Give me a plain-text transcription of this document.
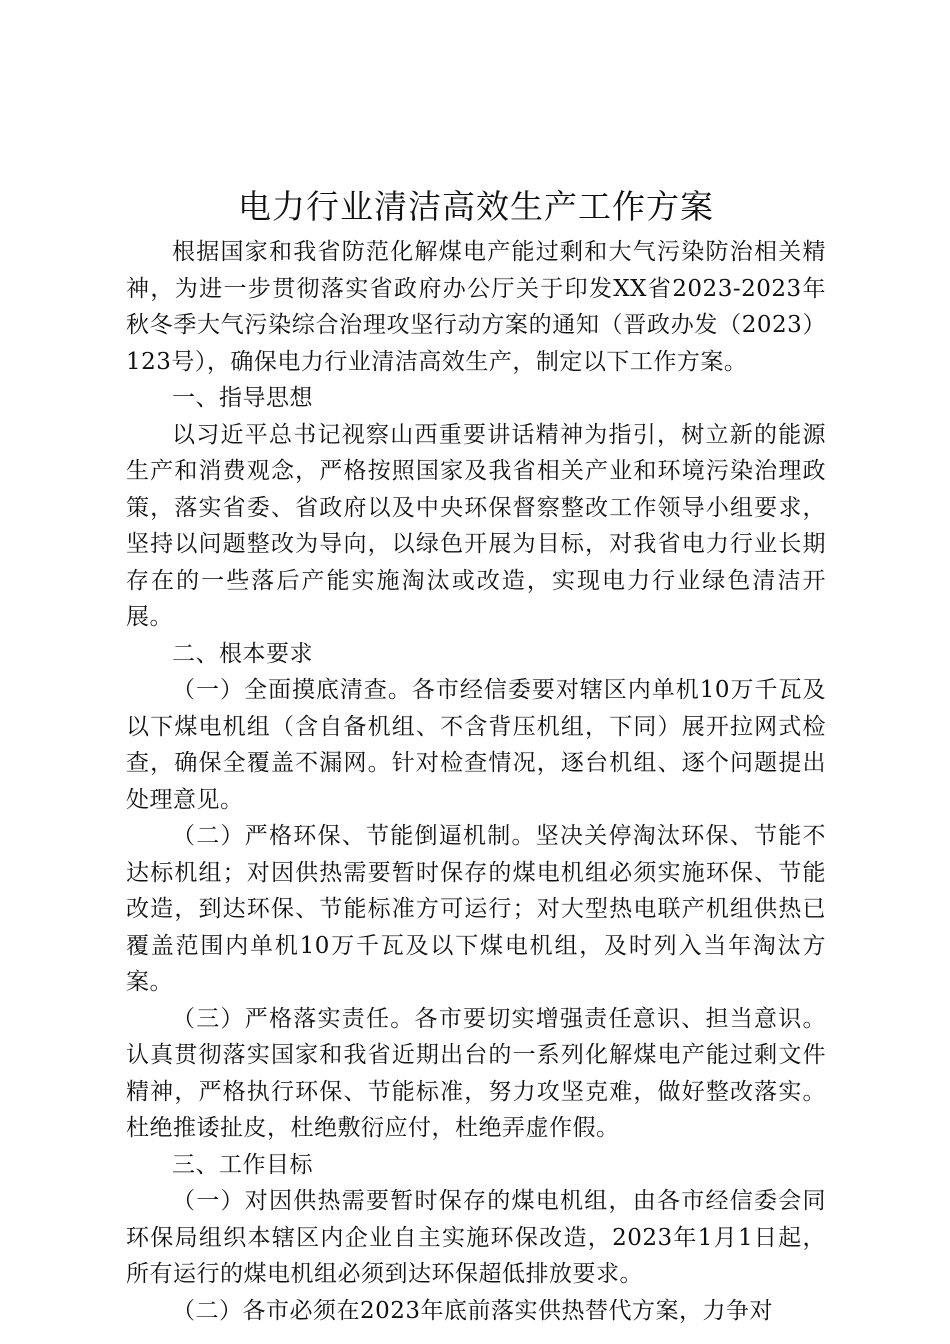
电力行业清洁高效生产工作方案

根据国家和我省防范化解煤电产能过剩和大气污染防治相关精神，为进一步贯彻落实省政府办公厅关于印发XX省2023-2023年秋冬季大气污染综合治理攻坚行动方案的通知（晋政办发（2023）123号），确保电力行业清洁高效生产，制定以下工作方案。

一、指导思想

以习近平总书记视察山西重要讲话精神为指引，树立新的能源生产和消费观念，严格按照国家及我省相关产业和环境污染治理政策，落实省委、省政府以及中央环保督察整改工作领导小组要求，坚持以问题整改为导向，以绿色开展为目标，对我省电力行业长期存在的一些落后产能实施淘汰或改造，实现电力行业绿色清洁开展。

二、根本要求

（一）全面摸底清查。各市经信委要对辖区内单机10万千瓦及以下煤电机组（含自备机组、不含背压机组，下同）展开拉网式检查，确保全覆盖不漏网。针对检查情况，逐台机组、逐个问题提出处理意见。

（二）严格环保、节能倒逼机制。坚决关停淘汰环保、节能不达标机组；对因供热需要暂时保存的煤电机组必须实施环保、节能改造，到达环保、节能标准方可运行；对大型热电联产机组供热已覆盖范围内单机10万千瓦及以下煤电机组，及时列入当年淘汰方案。

（三）严格落实责任。各市要切实增强责任意识、担当意识。认真贯彻落实国家和我省近期出台的一系列化解煤电产能过剩文件精神，严格执行环保、节能标准，努力攻坚克难，做好整改落实。杜绝推诿扯皮，杜绝敷衍应付，杜绝弄虚作假。

三、工作目标

（一）对因供热需要暂时保存的煤电机组，由各市经信委会同环保局组织本辖区内企业自主实施环保改造，2023年1月1日起，所有运行的煤电机组必须到达环保超低排放要求。

（二）各市必须在2023年底前落实供热替代方案，力争对
